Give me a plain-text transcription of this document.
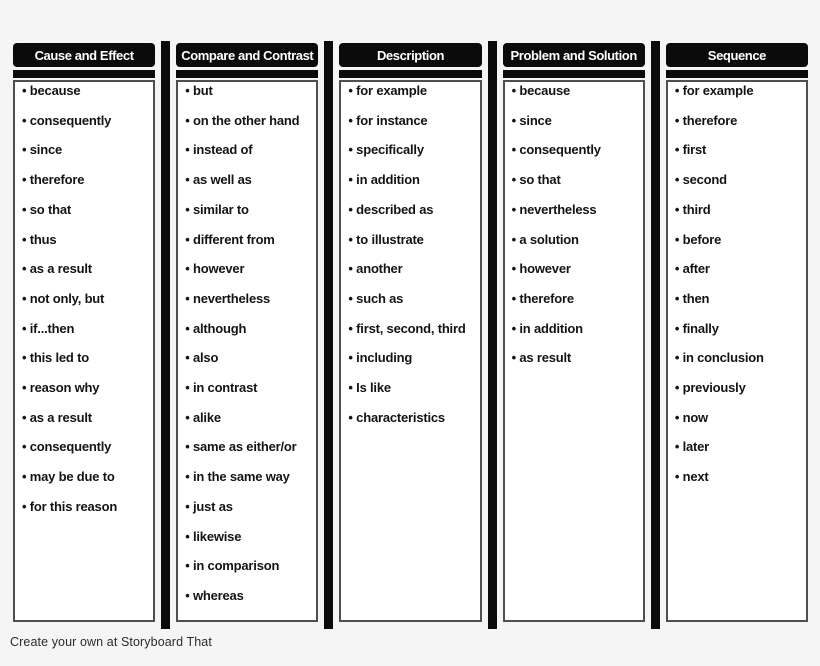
Cause and Effect
• because
• consequently
• since
• therefore
• so that
• thus
• as a result
• not only, but
• if...then
• this led to
• reason why
• as a result
• consequently
• may be due to
• for this reason
Compare and Contrast
• but
• on the other hand
• instead of
• as well as
• similar to
• different from
• however
• nevertheless
• although
• also
• in contrast
• alike
• same as either/or
• in the same way
• just as
• likewise
• in comparison
• whereas
Description
• for example
• for instance
• specifically
• in addition
• described as
• to illustrate
• another
• such as
• first, second, third
• including
• Is like
• characteristics
Problem and Solution
• because
• since
• consequently
• so that
• nevertheless
• a solution
• however
• therefore
• in addition
• as result
Sequence
• for example
• therefore
• first
• second
• third
• before
• after
• then
• finally
• in conclusion
• previously
• now
• later
• next
Create your own at Storyboard That
